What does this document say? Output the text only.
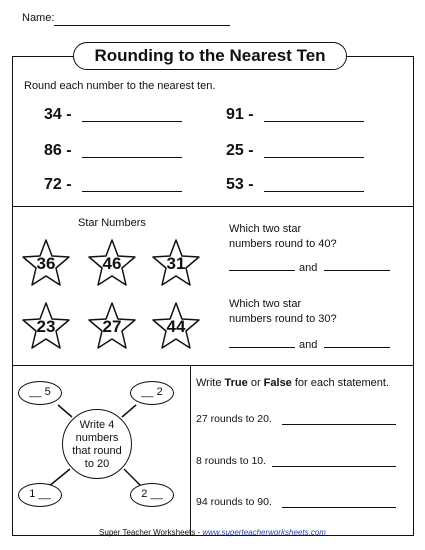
Name:
Rounding to the Nearest Ten
Round each number to the nearest ten.
34 -	91 -
86 -	25 -
72 -	53 -
Star Numbers
36	46	31
23	27	44
Which two star
numbers round to 40?
and
Which two star
numbers round to 30?
and
Write 4
numbers
that round
to 20
__ 5	__ 2
1 __	2 __
Write True or False for each statement.
27 rounds to 20.
8 rounds to 10.
94 rounds to 90.
Super Teacher Worksheets - www.superteacherworksheets.com
